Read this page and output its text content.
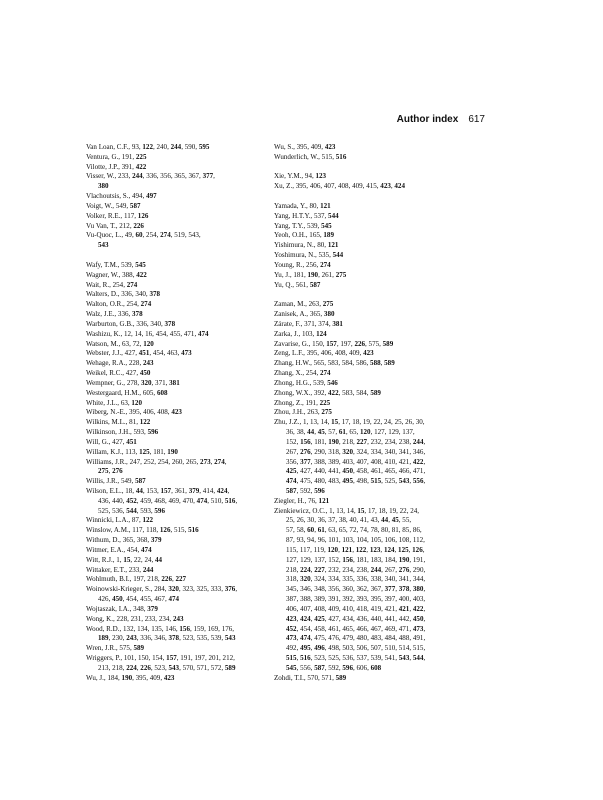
Author index 617
Van Loan, C.F., 93, 122, 240, 244, 590, 595
Ventura, G., 191, 225
Vilotte, J.P., 391, 422
Visser, W., 233, 244, 336, 356, 365, 367, 377,
380
Vlachoutsis, S., 494, 497
Voigt, W., 549, 587
Volker, R.E., 117, 126
Vu Van, T., 212, 226
Vu-Quoc, L., 49, 60, 254, 274, 519, 543,
543
Wafy, T.M., 539, 545
Wagner, W., 388, 422
Wait, R., 254, 274
Walters, D., 336, 340, 378
Walton, O.R., 254, 274
Walz, J.E., 336, 378
Warburton, G.B., 336, 340, 378
Washizu, K., 12, 14, 16, 454, 455, 471, 474
Watson, M., 63, 72, 120
Webster, J.J., 427, 451, 454, 463, 473
Wehage, R.A., 228, 243
Weikel, R.C., 427, 450
Wempner, G., 278, 320, 371, 381
Westergaard, H.M., 605, 608
White, J.L., 63, 120
Wiberg, N.-E., 395, 406, 408, 423
Wilkins, M.L., 81, 122
Wilkinson, J.H., 593, 596
Will, G., 427, 451
Willam, K.J., 113, 125, 181, 190
Williams, J.R., 247, 252, 254, 260, 265, 273, 274,
275, 276
Willis, J.R., 549, 587
Wilson, E.L., 18, 44, 153, 157, 361, 379, 414, 424,
436, 440, 452, 459, 468, 469, 470, 474, 510, 516,
525, 536, 544, 593, 596
Winnicki, L.A., 87, 122
Winslow, A.M., 117, 118, 126, 515, 516
Withum, D., 365, 368, 379
Witmer, E.A., 454, 474
Witt, R.J., 1, 15, 22, 24, 44
Wittaker, E.T., 233, 244
Wohlmuth, B.I., 197, 218, 226, 227
Woinowski-Krieger, S., 284, 320, 323, 325, 333, 376,
426, 450, 454, 455, 467, 474
Wojtaszak, I.A., 348, 379
Wong, K., 228, 231, 233, 234, 243
Wood, R.D., 132, 134, 135, 146, 156, 159, 169, 176,
189, 230, 243, 336, 346, 378, 523, 535, 539, 543
Wren, J.R., 575, 589
Wriggers, P., 101, 150, 154, 157, 191, 197, 201, 212,
213, 218, 224, 226, 523, 543, 570, 571, 572, 589
Wu, J., 184, 190, 395, 409, 423
Wu, S., 395, 409, 423
Wunderlich, W., 515, 516
Xie, Y.M., 94, 123
Xu, Z., 395, 406, 407, 408, 409, 415, 423, 424
Yamada, Y., 80, 121
Yang, H.T.Y., 537, 544
Yang, T.Y., 539, 545
Yeoh, O.H., 165, 189
Yishimura, N., 80, 121
Yoshimura, N., 535, 544
Young, R., 256, 274
Yu, J., 181, 190, 261, 275
Yu, Q., 561, 587
Zaman, M., 263, 275
Zanisek, A., 365, 380
Zárate, F., 371, 374, 381
Zarka, J., 103, 124
Zavarise, G., 150, 157, 197, 226, 575, 589
Zeng, L.F., 395, 406, 408, 409, 423
Zhang, H.W., 565, 583, 584, 586, 588, 589
Zhang, X., 254, 274
Zhong, H.G., 539, 546
Zhong, W.X., 392, 422, 583, 584, 589
Zhong, Z., 191, 225
Zhou, J.H., 263, 275
Zhu, J.Z., 1, 13, 14, 15, 17, 18, 19, 22, 24, 25, 26, 30,
36, 38, 44, 45, 57, 61, 65, 120, 127, 129, 137,
152, 156, 181, 190, 218, 227, 232, 234, 238, 244,
267, 276, 290, 318, 320, 324, 334, 340, 341, 346,
356, 377, 388, 389, 403, 407, 408, 410, 421, 422,
425, 427, 440, 441, 450, 458, 461, 465, 466, 471,
474, 475, 480, 483, 495, 498, 515, 525, 543, 556,
587, 592, 596
Ziegler, H., 76, 121
Zienkiewicz, O.C., 1, 13, 14, 15, 17, 18, 19, 22, 24,
25, 26, 30, 36, 37, 38, 40, 41, 43, 44, 45, 55,
57, 58, 60, 61, 63, 65, 72, 74, 78, 80, 81, 85, 86,
87, 93, 94, 96, 101, 103, 104, 105, 106, 108, 112,
115, 117, 119, 120, 121, 122, 123, 124, 125, 126,
127, 129, 137, 152, 156, 181, 183, 184, 190, 191,
218, 224, 227, 232, 234, 238, 244, 267, 276, 290,
318, 320, 324, 334, 335, 336, 338, 340, 341, 344,
345, 346, 348, 356, 360, 362, 367, 377, 378, 380,
387, 388, 389, 391, 392, 393, 395, 397, 400, 403,
406, 407, 408, 409, 410, 418, 419, 421, 421, 422,
423, 424, 425, 427, 434, 436, 440, 441, 442, 450,
452, 454, 458, 461, 465, 466, 467, 469, 471, 473,
473, 474, 475, 476, 479, 480, 483, 484, 488, 491,
492, 495, 496, 498, 503, 506, 507, 510, 514, 515,
515, 516, 523, 525, 536, 537, 539, 541, 543, 544,
545, 556, 587, 592, 596, 606, 608
Zohdi, T.I., 570, 571, 589
